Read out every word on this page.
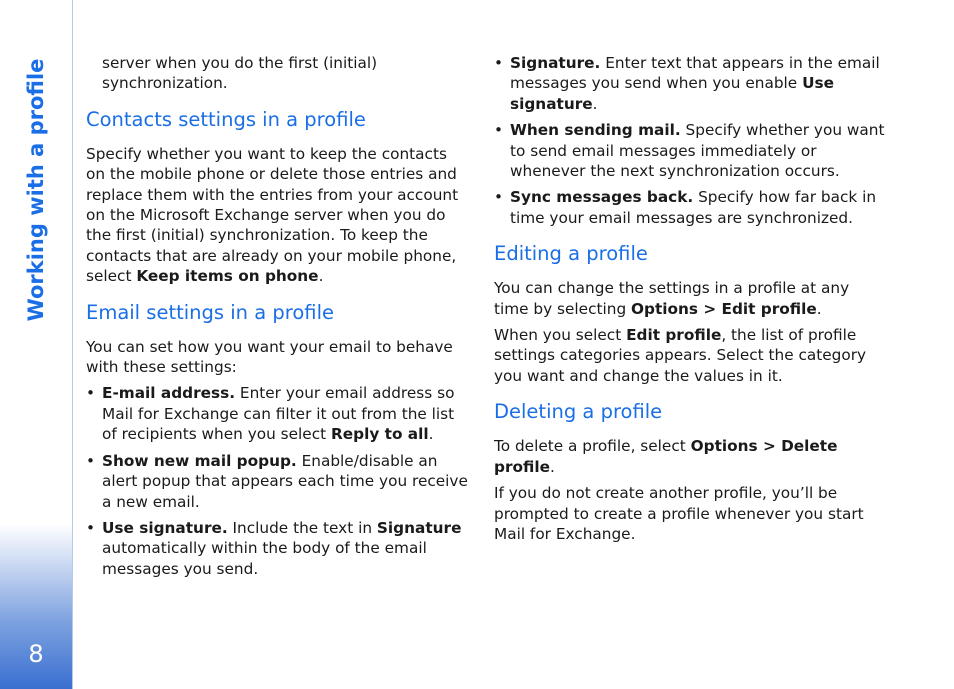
Working with a profile
8

server when you do the first (initial) synchronization.

Contacts settings in a profile

Specify whether you want to keep the contacts on the mobile phone or delete those entries and replace them with the entries from your account on the Microsoft Exchange server when you do the first (initial) synchronization. To keep the contacts that are already on your mobile phone, select Keep items on phone.

Email settings in a profile

You can set how you want your email to behave with these settings:

• E-mail address. Enter your email address so Mail for Exchange can filter it out from the list of recipients when you select Reply to all.
• Show new mail popup. Enable/disable an alert popup that appears each time you receive a new email.
• Use signature. Include the text in Signature automatically within the body of the email messages you send.
• Signature. Enter text that appears in the email messages you send when you enable Use signature.
• When sending mail. Specify whether you want to send email messages immediately or whenever the next synchronization occurs.
• Sync messages back. Specify how far back in time your email messages are synchronized.
Editing a profile

You can change the settings in a profile at any time by selecting Options > Edit profile.

When you select Edit profile, the list of profile settings categories appears. Select the category you want and change the values in it.

Deleting a profile

To delete a profile, select Options > Delete profile.

If you do not create another profile, you’ll be prompted to create a profile whenever you start Mail for Exchange.
